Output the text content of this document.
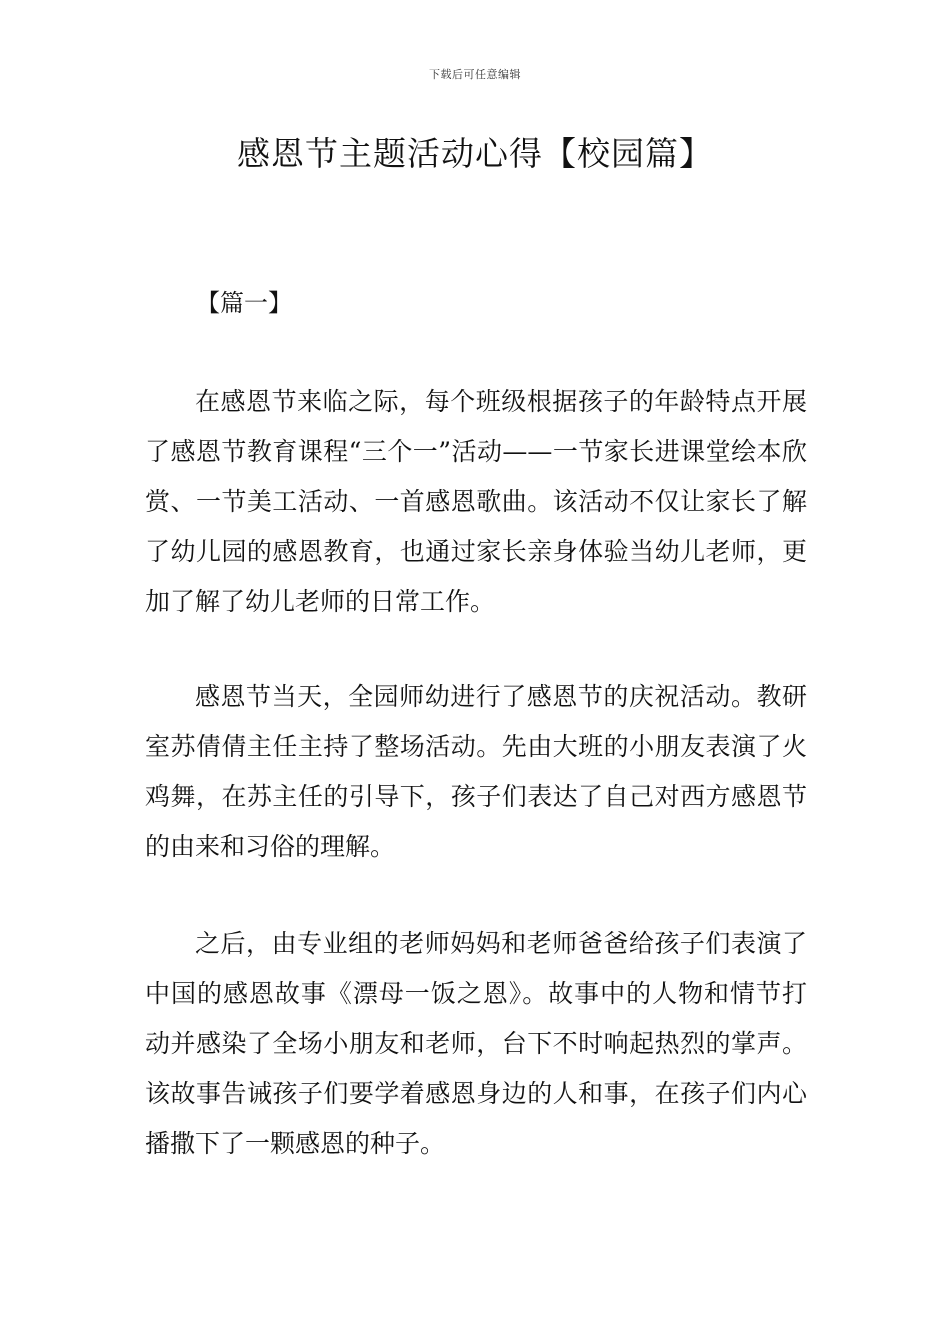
下载后可任意编辑
感恩节主题活动心得【校园篇】
【篇一】

在感恩节来临之际，每个班级根据孩子的年龄特点开展了感恩节教育课程“三个一”活动——一节家长进课堂绘本欣赏、一节美工活动、一首感恩歌曲。该活动不仅让家长了解了幼儿园的感恩教育，也通过家长亲身体验当幼儿老师，更加了解了幼儿老师的日常工作。

感恩节当天，全园师幼进行了感恩节的庆祝活动。教研室苏倩倩主任主持了整场活动。先由大班的小朋友表演了火鸡舞，在苏主任的引导下，孩子们表达了自己对西方感恩节的由来和习俗的理解。

之后，由专业组的老师妈妈和老师爸爸给孩子们表演了中国的感恩故事《漂母一饭之恩》。故事中的人物和情节打动并感染了全场小朋友和老师，台下不时响起热烈的掌声。该故事告诫孩子们要学着感恩身边的人和事，在孩子们内心播撒下了一颗感恩的种子。
